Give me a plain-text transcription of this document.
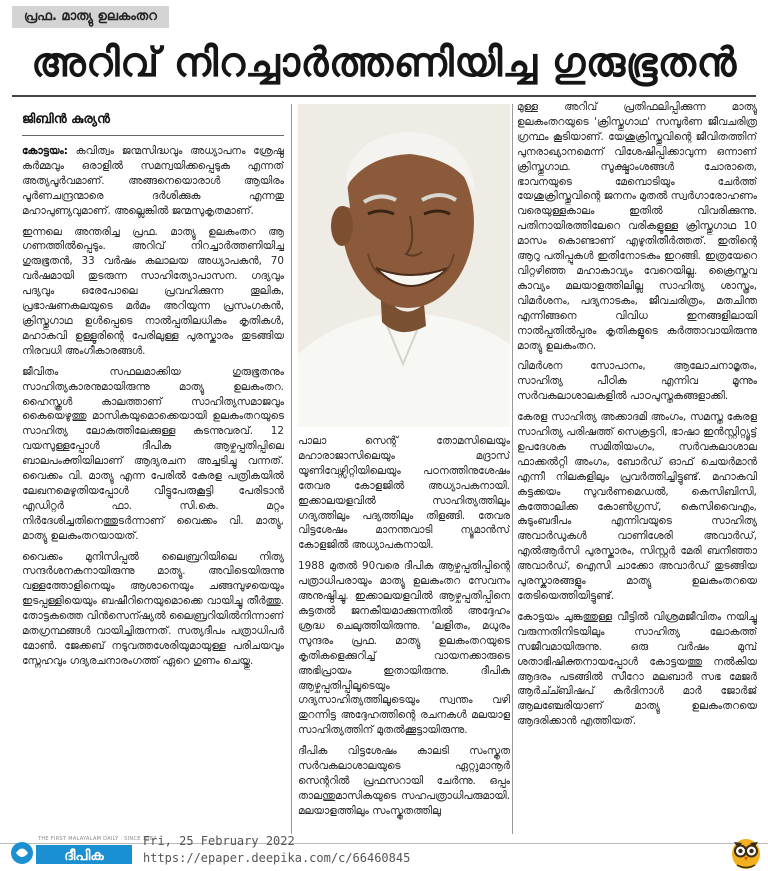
പ്രഫ. മാത്യു ഉലകംതറ
അറിവ് നിറച്ചാർത്തണിയിച്ച ഗുരുഭൂതൻ
ജിബിൻ കുര്യൻ

കോട്ടയം: കവിത്വം ജന്മസിദ്ധവും അധ്യാപനം ശ്രേഷ്ഠ കർമ്മവും ഒരാളിൽ സമന്വയിക്കപ്പെടുക എന്നത് അത്യപൂർവമാണ്. അങ്ങനെയൊരാൾ ആയിരം പൂർണചന്ദ്രന്മാരെ ദർശിക്കുക എന്നതു മഹാപുണ്യവുമാണ്. അല്ലെങ്കിൽ ജന്മസുകൃതമാണ്.

ഇന്നലെ അന്തരിച്ച പ്രഫ. മാത്യു ഉലകംതറ ആ ഗണത്തിൽപ്പെടും. അറിവ് നിറച്ചാർത്തണിയിച്ച ഗുരുഭൂതൻ, 33 വർഷം കലാലയ അധ്യാപകൻ, 70 വർഷമായി തുടരുന്ന സാഹിത്യോപാസന. ഗദ്യവും പദ്യവും ഒരേപോലെ പ്രവഹിക്കുന്ന തൂലിക, പ്രഭാഷണകലയുടെ മർമം അറിയുന്ന പ്രസംഗകൻ, ക്രിസ്തുഗാഥ ഉൾപ്പെടെ നാൽപ്പതിലധികം കൃതികൾ, മഹാകവി ഉള്ളൂരിന്റെ പേരിലുള്ള പുരസ്കാരം തുടങ്ങിയ നിരവധി അംഗീകാരങ്ങൾ.

ജീവിതം സഫലമാക്കിയ ഗുരുഭൂതനും സാഹിത്യകാരനുമായിരുന്നു മാത്യു ഉലകംതറ. ഹൈസ്കൂൾ കാലത്താണ് സാഹിത്യസമാജവും കൈയെഴുത്തു മാസികയുമൊക്കെയായി ഉലകംതറയുടെ സാഹിത്യ ലോകത്തിലേക്കുള്ള കടന്നുവരവ്. 12 വയസുള്ളപ്പോൾ ദീപിക ആഴ്ചപ്പതിപ്പിലെ ബാലപംക്തിയിലാണ് ആദ്യരചന അച്ചടിച്ചു വന്നത്. വൈക്കം വി. മാത്യു എന്ന പേരിൽ കേരള പത്രികയിൽ ലേഖനമെഴുതിയപ്പോൾ വീട്ടുപേരുകൂട്ടി പേരിടാൻ എഡിറ്റർ ഫാ. സി.കെ. മറ്റം നിർദേശിച്ചതിനെത്തുടർന്നാണ് വൈക്കം വി. മാത്യു, മാത്യു ഉലകംതറയായത്.

വൈക്കം മുനിസിപ്പൽ ലൈബ്രറിയിലെ നിത്യ സന്ദർശനകനായിരുന്നു മാത്യു. അവിടെയിരുന്നു വള്ളത്തോളിനെയും ആശാനെയും ചങ്ങമ്പുഴയെയും ഇടപ്പള്ളിയെയും ബഷീറിനെയുമൊക്കെ വായിച്ചു തീർത്തു. തോട്ടകത്തെ വിൻസെന്ഷ്യൽ ലൈബ്രറിയിൽനിന്നാണ് മതഗ്രന്ഥങ്ങൾ വായിച്ചിരുന്നത്. സത്യദീപം പത്രാധിപർ മോൺ. ജേക്കബ് നടുവത്തശേരിയുമായുള്ള പരിചയവും സ്നേഹവും ഗദ്യരചനാരംഗത്ത് ഏറെ ഗുണം ചെയ്തു.

പാലാ സെന്റ് തോമസിലെയും മഹാരാജാസിലെയും മദ്രാസ് യൂണിവേഴ്സിറ്റിയിലെയും പഠനത്തിനുശേഷം തേവര കോളജിൽ അധ്യാപകനായി. ഇക്കാലയളവിൽ സാഹിത്യത്തിലും ഗദ്യത്തിലും പദ്യത്തിലും തിളങ്ങി. തേവര വിട്ടശേഷം മാനന്തവാടി ന്യൂമാൻസ് കോളജിൽ അധ്യാപകനായി.

1988 മുതൽ 90വരെ ദീപിക ആഴ്ചപ്പതിപ്പിന്റെ പത്രാധിപരായും മാത്യു ഉലകംതറ സേവനം അനുഷ്ഠിച്ചു. ഇക്കാലയളവിൽ ആഴ്ചപ്പതിപ്പിനെ കുട്ടതൽ ജനകീയമാക്കുന്നതിൽ അദ്ദേഹം ശ്രദ്ധ ചെലുത്തിയിരുന്നു. 'ലളിതം, മധുരം സുന്ദരം പ്രഫ. മാത്യു ഉലകംതറയുടെ കൃതികളെക്കുറിച്ച് വായനക്കാരുടെ അഭിപ്രായം ഇതായിരുന്നു. ദീപിക ആഴ്ചപ്പതിപ്പിലൂടെയും ഗദ്യസാഹിത്യത്തിലൂടെയും സ്വന്തം വഴി തുറന്നിട്ട അദ്ദേഹത്തിന്റെ രചനകൾ മലയാള സാഹിത്യത്തിന് മുതൽക്കൂട്ടായിരുന്നു.

ദീപിക വിട്ടശേഷം കാലടി സംസ്കൃത സർവകലാശാലയുടെ ഏറ്റുമാനൂർ സെന്ററിൽ പ്രഫസറായി ചേർന്നു. ഒപ്പം താലന്തുമാസികയുടെ സഹപത്രാധിപരുമായി. മലയാളത്തിലും സംസ്കൃതത്തിലു

മുള്ള അറിവ് പ്രതിഫലിപ്പിക്കുന്ന മാത്യു ഉലകംതറയുടെ 'ക്രിസ്തുഗാഥ' സമ്പൂർണ ജീവചരിത്ര ഗ്രന്ഥം കൂടിയാണ്. യേശുക്രിസ്തുവിന്റെ ജീവിതത്തിന് പുനരാഖ്യാനമെന്ന് വിശേഷിപ്പിക്കാവുന്ന ഒന്നാണ് ക്രിസ്തുഗാഥ. സൂക്ഷ്മാംശങ്ങൾ ചോരാതെ, ഭാവനയുടെ മേമ്പൊടിയും ചേർത്ത് യേശുക്രിസ്തുവിന്റെ ജനനം മുതൽ സ്വർഗാരോഹണം വരെയുള്ളകാലം ഇതിൽ വിവരിക്കുന്നു. പതിനായിരത്തിലേറെ വരികളുള്ള ക്രിസ്തുഗാഥ 10 മാസം കൊണ്ടാണ് എഴുതിതീർത്തത്. ഇതിന്റെ ആറു പതിപ്പുകൾ ഇതിനോടകം ഇറങ്ങി. ഇത്രയേറെ വിറ്റഴിഞ്ഞ മഹാകാവ്യം വേറെയില്ല. ക്രൈസ്തവ കാവ്യം മലയാളത്തിലില്ല സാഹിത്യ ശാസ്ത്രം, വിമർശനം, പദ്യനാടകം, ജീവചരിത്രം, മതചിന്ത എന്നിങ്ങനെ വിവിധ ഇനങ്ങളിലായി നാൽപ്പതിൽപ്പരം കൃതികളുടെ കർത്താവായിരുന്നു മാത്യു ഉലകംതറ.

വിമർശന സോപാനം, ആലോചനാമൃതം, സാഹിത്യ പീഠിക എന്നിവ മൂന്നും സർവകലാശാലകളിൽ പാഠപുസ്തകങ്ങളാക്കി.

കേരള സാഹിത്യ അക്കാദമി അംഗം, സമസ്ത കേരള സാഹിത്യ പരിഷത്ത് സെക്രട്ടറി, ഭാഷാ ഇൻസ്റ്റിറ്റ്യൂട്ട് ഉപദേശക സമിതിയംഗം, സർവകലാശാല ഫാക്കൽറ്റി അംഗം, ബോർഡ് ഓഫ് ചെയർമാൻ എന്നീ നിലകളിലും പ്രവർത്തിച്ചിട്ടുണ്ട്. മഹാകവി കട്ടക്കയം സുവർണമെഡൽ, കെസിബിസി, കത്തോലിക്ക കോൺഗ്രസ്, കെസിവൈഎം, കുടുംബദീപം എന്നിവയുടെ സാഹിത്യ അവാർഡുകൾ വാണിശേരി അവാർഡ്, എൽആർസി പുരസ്കാരം, സിസ്റ്റർ മേരി ബനീഞ്ഞാ അവാർഡ്, ഐസി ചാക്കോ അവാർഡ് തുടങ്ങിയ പുരസ്കാരങ്ങളും മാത്യു ഉലകംതറയെ തേടിയെത്തിയിട്ടുണ്ട്.

കോട്ടയം ചുങ്കത്തുള്ള വീട്ടിൽ വിശ്രമജീവിതം നയിച്ചു വരുന്നതിനിടയിലും സാഹിത്യ ലോകത്ത് സജീവമായിരുന്നു. ഒരു വർഷം മുമ്പ് ശതാഭിഷിക്തനായപ്പോൾ കോട്ടയത്തു നൽകിയ ആദരം പടങ്ങിൽ സീറോ മലബാർ സഭ മേജർ ആർച്ച്ബിഷപ് കർദിനാൾ മാർ ജോർജ് ആലഞ്ചേരിയാണ് മാത്യു ഉലകംതറയെ ആദരിക്കാൻ എത്തിയത്.

ദീപിക
THE FIRST MALAYALAM DAILY · SINCE 1887
Fri, 25 February 2022
https://epaper.deepika.com/c/66460845
